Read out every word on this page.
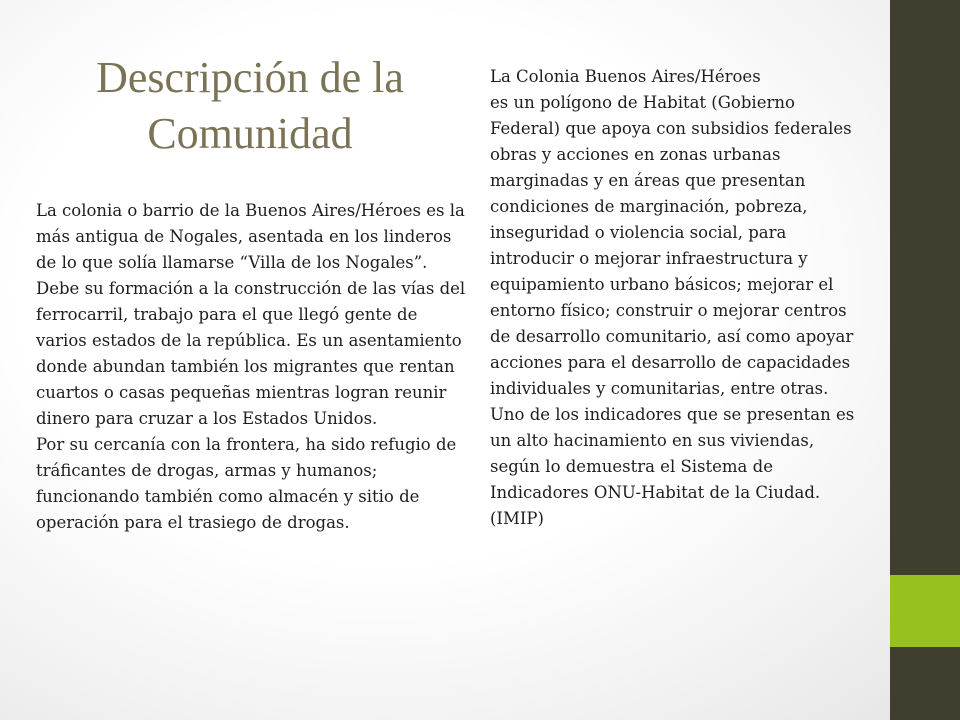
Descripción de la
Comunidad

La colonia o barrio de la Buenos Aires/Héroes es la más antigua de Nogales, asentada en los linderos de lo que solía llamarse “Villa de los Nogales”.

Debe su formación a la construcción de las vías del ferrocarril, trabajo para el que llegó gente de varios estados de la república. Es un asentamiento donde abundan también los migrantes que rentan cuartos o casas pequeñas mientras logran reunir dinero para cruzar a los Estados Unidos.

Por su cercanía con la frontera, ha sido refugio de tráficantes de drogas, armas y humanos; funcionando también como almacén y sitio de operación para el trasiego de drogas.

La Colonia Buenos Aires/Héroes
es un polígono de Habitat (Gobierno Federal) que apoya con subsidios federales obras y acciones en zonas urbanas marginadas y en áreas que presentan condiciones de marginación, pobreza, inseguridad o violencia social, para introducir o mejorar infraestructura y equipamiento urbano básicos; mejorar el entorno físico; construir o mejorar centros de desarrollo comunitario, así como apoyar acciones para el desarrollo de capacidades individuales y comunitarias, entre otras.

Uno de los indicadores que se presentan es un alto hacinamiento en sus viviendas, según lo demuestra el Sistema de Indicadores ONU-Habitat de la Ciudad. (IMIP)
